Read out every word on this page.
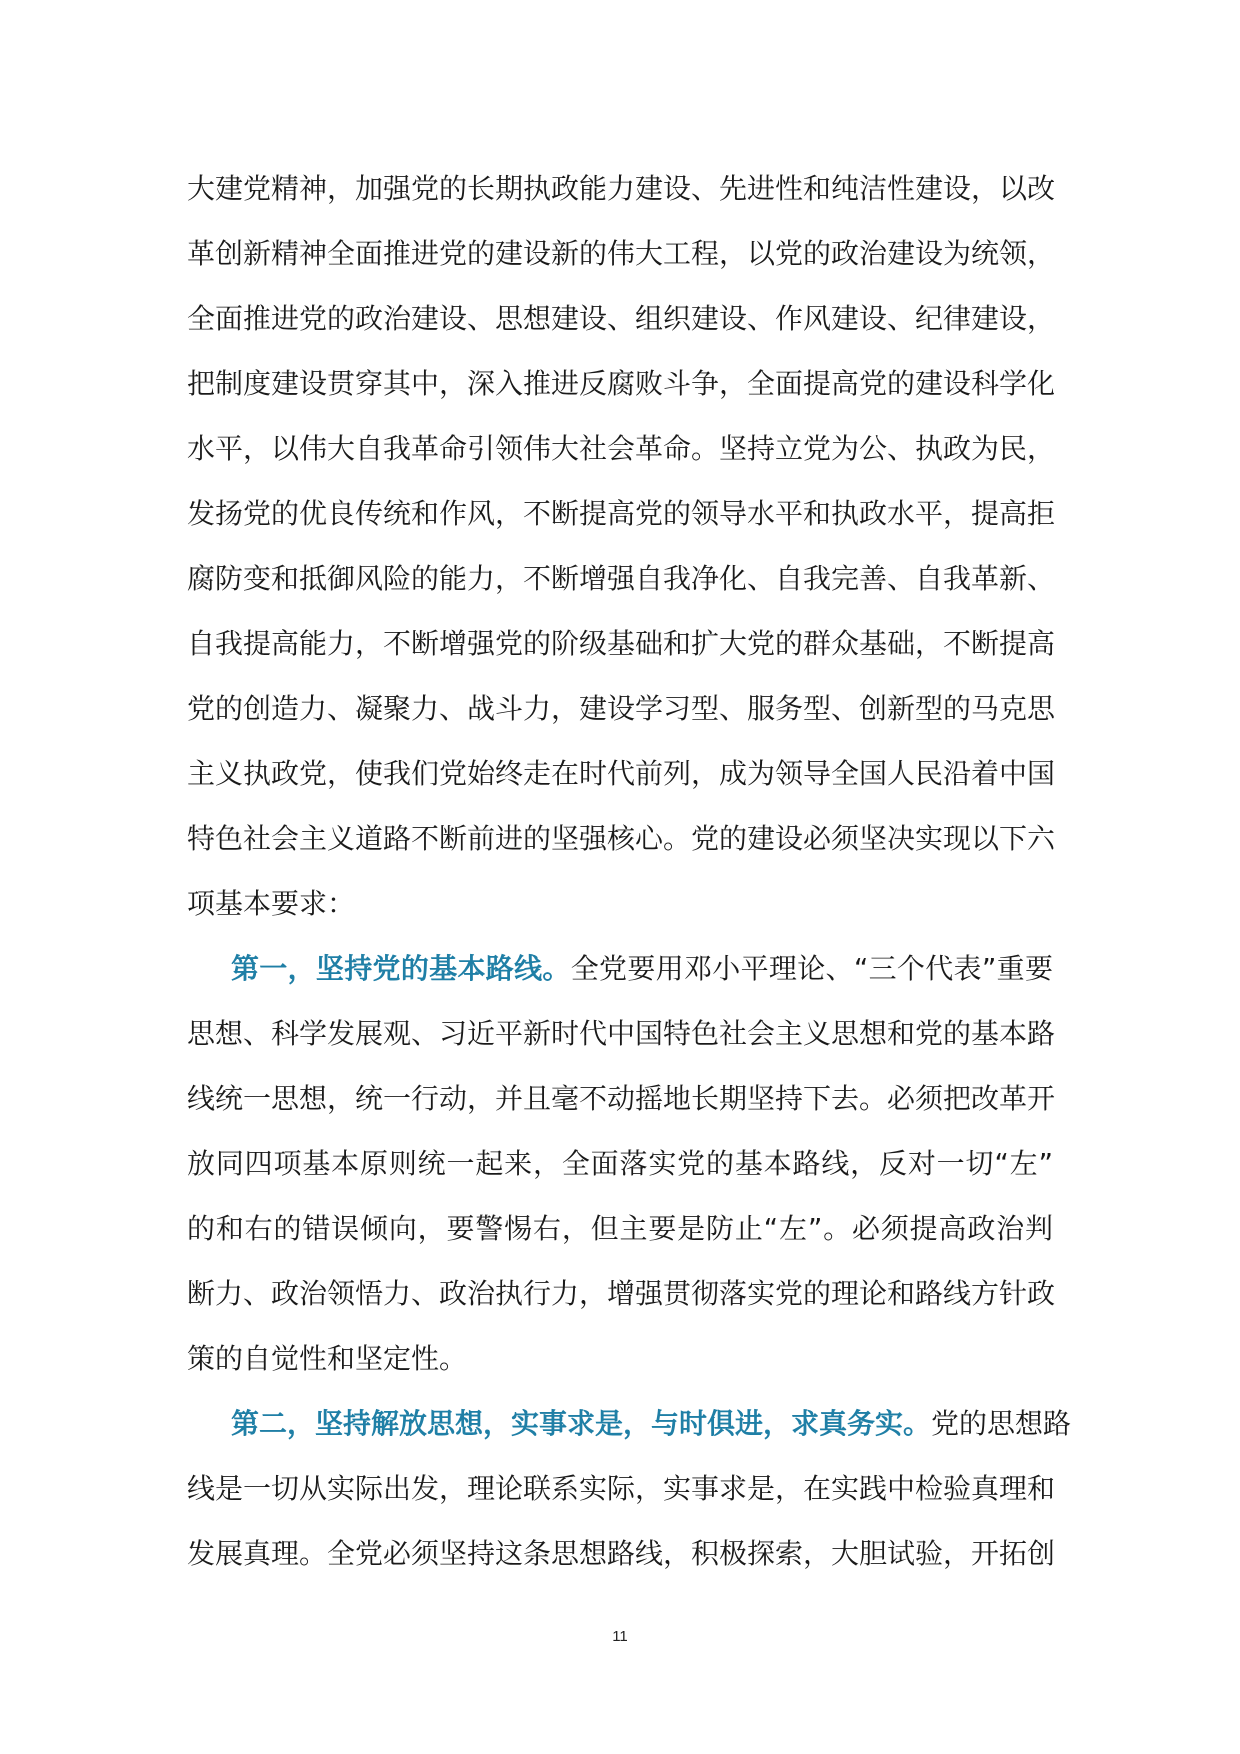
大建党精神，加强党的长期执政能力建设、先进性和纯洁性建设，以改
革创新精神全面推进党的建设新的伟大工程，以党的政治建设为统领，
全面推进党的政治建设、思想建设、组织建设、作风建设、纪律建设，
把制度建设贯穿其中，深入推进反腐败斗争，全面提高党的建设科学化
水平，以伟大自我革命引领伟大社会革命。坚持立党为公、执政为民，
发扬党的优良传统和作风，不断提高党的领导水平和执政水平，提高拒
腐防变和抵御风险的能力，不断增强自我净化、自我完善、自我革新、
自我提高能力，不断增强党的阶级基础和扩大党的群众基础，不断提高
党的创造力、凝聚力、战斗力，建设学习型、服务型、创新型的马克思
主义执政党，使我们党始终走在时代前列，成为领导全国人民沿着中国
特色社会主义道路不断前进的坚强核心。党的建设必须坚决实现以下六
项基本要求：
第一，坚持党的基本路线。全党要用邓小平理论、“三个代表”重要
思想、科学发展观、习近平新时代中国特色社会主义思想和党的基本路
线统一思想，统一行动，并且毫不动摇地长期坚持下去。必须把改革开
放同四项基本原则统一起来，全面落实党的基本路线，反对一切“左”
的和右的错误倾向，要警惕右，但主要是防止“左”。必须提高政治判
断力、政治领悟力、政治执行力，增强贯彻落实党的理论和路线方针政
策的自觉性和坚定性。
第二，坚持解放思想，实事求是，与时俱进，求真务实。党的思想路
线是一切从实际出发，理论联系实际，实事求是，在实践中检验真理和
发展真理。全党必须坚持这条思想路线，积极探索，大胆试验，开拓创
11
